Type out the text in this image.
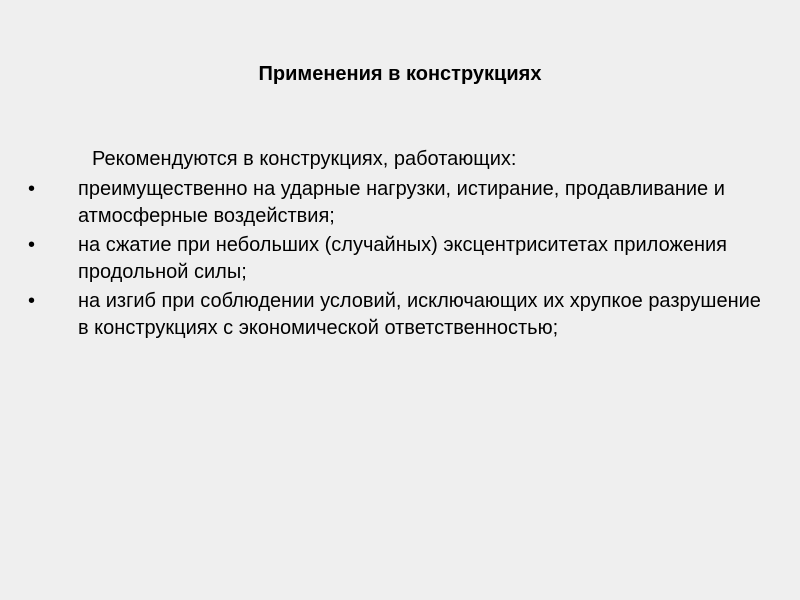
Применения в конструкциях

Рекомендуются в конструкциях, работающих:

•	преимущественно на ударные нагрузки, истирание, продавливание и атмосферные воздействия;
•	на сжатие при небольших (случайных) эксцентриситетах приложения продольной силы;
•	на изгиб при соблюдении условий, исключающих их хрупкое разрушение в конструкциях с экономической ответственностью;
